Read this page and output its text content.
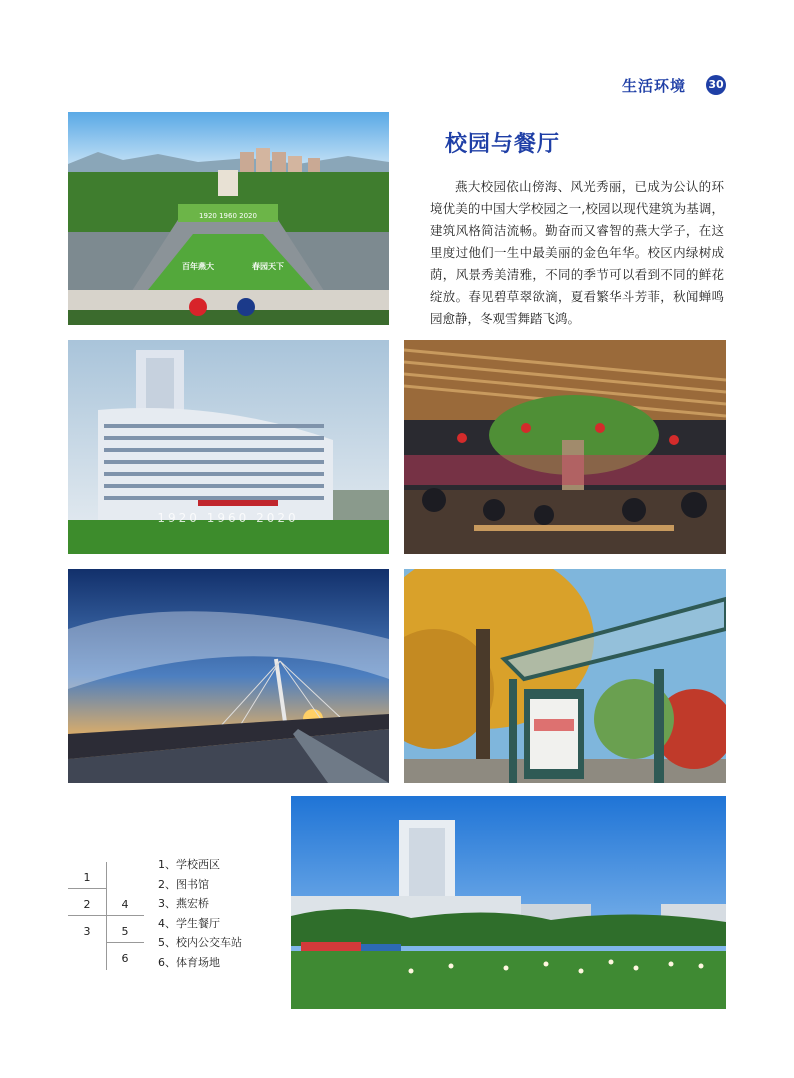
生活环境 30
校园与餐厅
燕大校园依山傍海、风光秀丽，已成为公认的环境优美的中国大学校园之一,校园以现代建筑为基调，建筑风格简洁流畅。勤奋而又睿智的燕大学子，在这里度过他们一生中最美丽的金色年华。校区内绿树成荫，风景秀美清雅，不同的季节可以看到不同的鲜花绽放。春见碧草翠欲滴，夏看繁华斗芳菲，秋闻蝉鸣园愈静，冬观雪舞踏飞鸿。
1920 1960 2020
百年燕大	春园天下
1920 1960 2020
1
2
3
4
5
6
1、学校西区
2、图书馆
3、燕宏桥
4、学生餐厅
5、校内公交车站
6、体育场地
